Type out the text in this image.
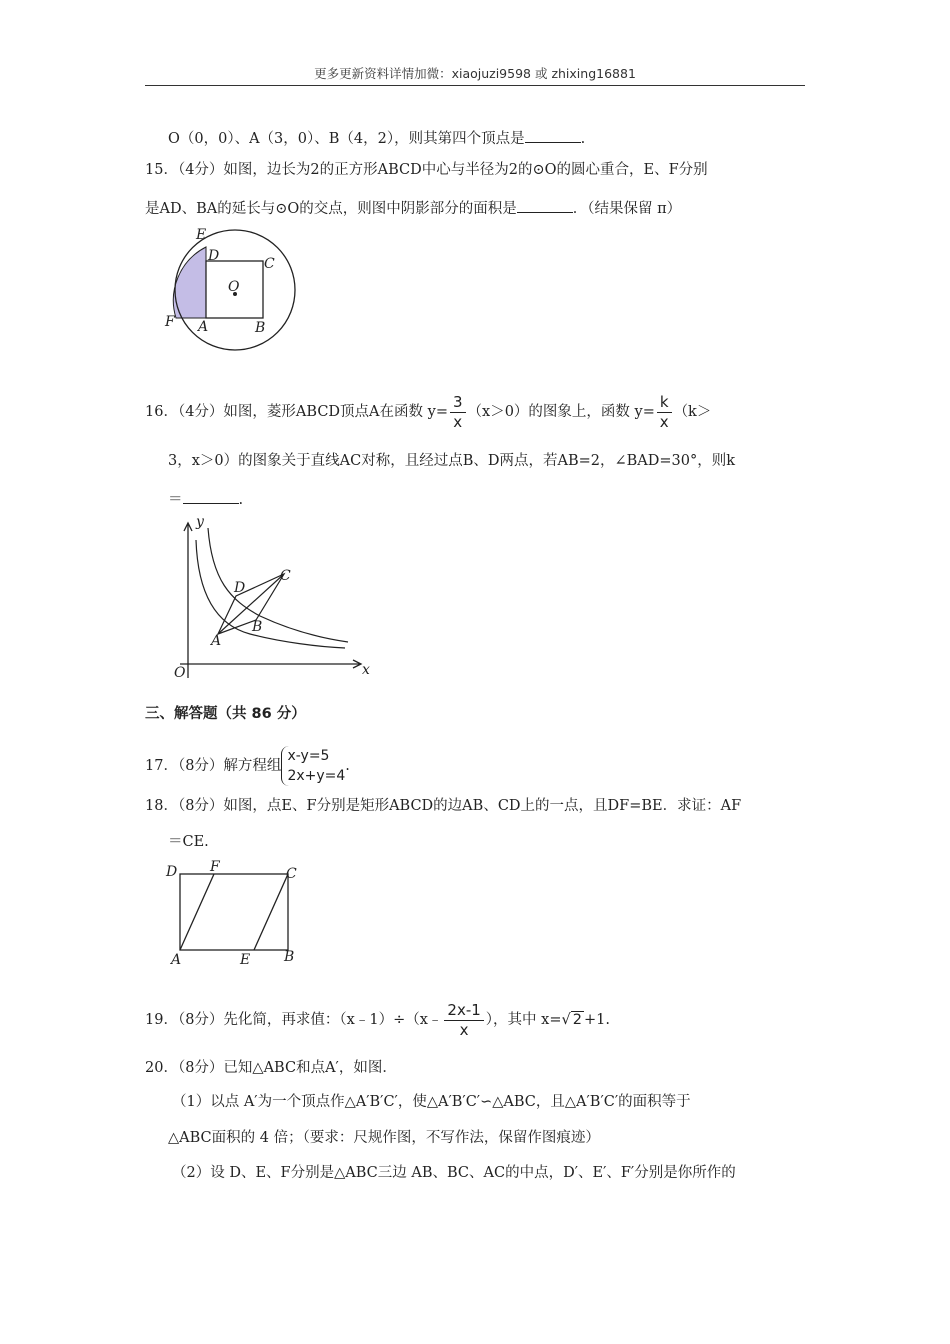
更多更新资料详情加微：xiaojuzi9598 或 zhixing16881
O（0，0）、A（3，0）、B（4，2），则其第四个顶点是	.
15．（4分）如图，边长为2的正方形ABCD中心与半径为2的⊙O的圆心重合，E、F分别
是AD、BA的延长与⊙O的交点，则图中阴影部分的面积是	．（结果保留 π）
E
D	C
O
F A	B
16．（4分）如图，菱形ABCD顶点A在函数 $y= \frac{3}{x} (x>0)$的图象上，函数 $y= \frac{k}{x} (k>$
3，x＞0）的图象关于直线AC对称，且经过点B、D两点，若AB=2，∠BAD=30°，则k
＝	.
y
D
C
A
B
O	x
三、解答题（共 86 分）
17．（8分）解方程组
x-y=5
2x+y=4
.
18．（8分）如图，点E、F分别是矩形ABCD的边AB、CD上的一点，且DF=BE．求证：AF
＝CE.
D F	C
A	E B
19．（8分）先化简，再求值：（x﹣1）÷（x﹣ $\frac{2x-1}{x}$ ），其中 x=√ 2 +1.
20．（8分）已知△ABC和点A′，如图．
（1）以点 A′为一个顶点作△A′B′C′，使△A′B′C′∽△ABC，且△A′B′C′的面积等于
△ABC面积的 4 倍；（要求：尺规作图，不写作法，保留作图痕迹）
（2）设 D、E、F分别是△ABC三边 AB、BC、AC的中点，D′、E′、F′分别是你所作的
